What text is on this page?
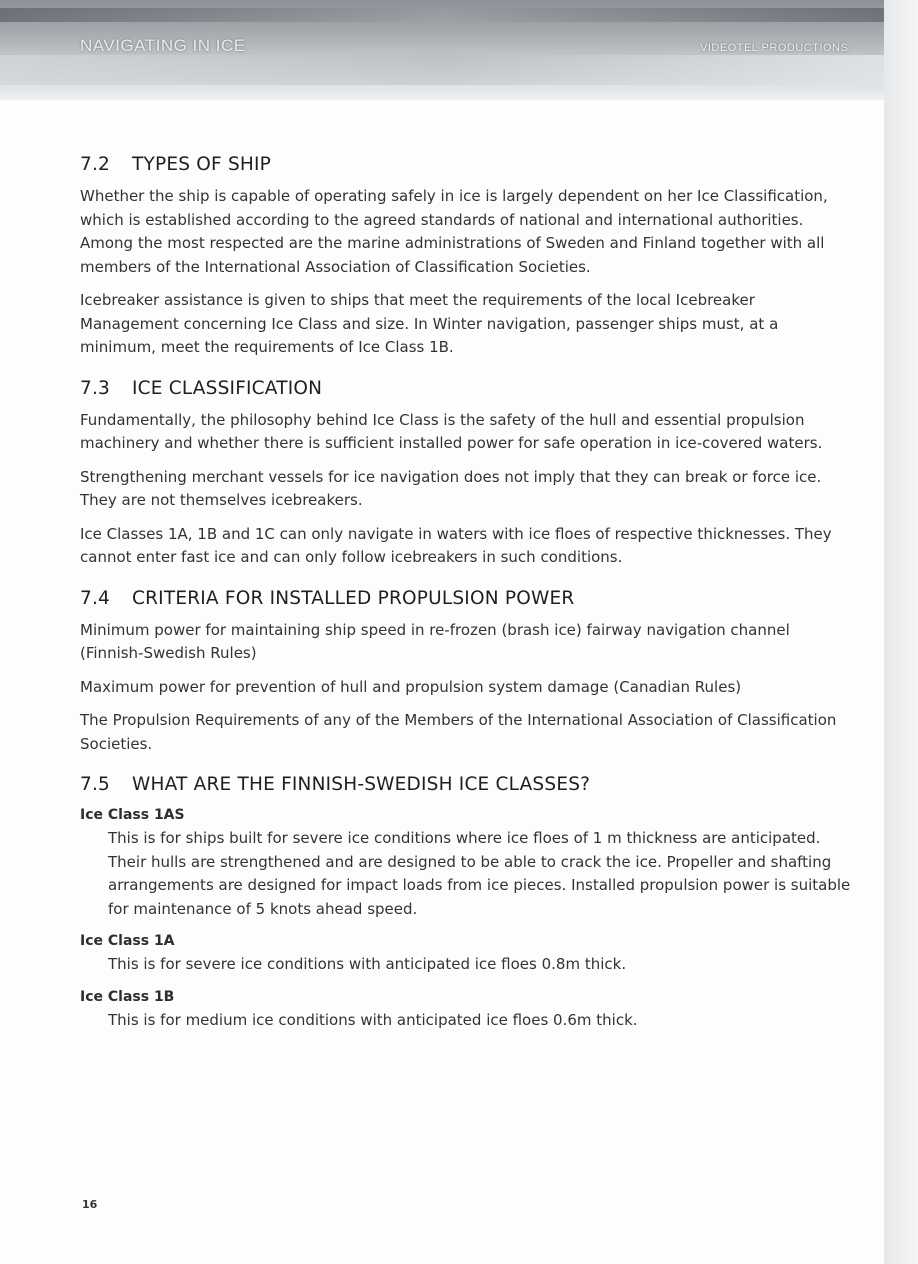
NAVIGATING IN ICE	VIDEOTEL PRODUCTIONS
7.2 TYPES OF SHIP

Whether the ship is capable of operating safely in ice is largely dependent on her Ice Classification, which is established according to the agreed standards of national and international authorities. Among the most respected are the marine administrations of Sweden and Finland together with all members of the International Association of Classification Societies.

Icebreaker assistance is given to ships that meet the requirements of the local Icebreaker Management concerning Ice Class and size. In Winter navigation, passenger ships must, at a minimum, meet the requirements of Ice Class 1B.

7.3 ICE CLASSIFICATION

Fundamentally, the philosophy behind Ice Class is the safety of the hull and essential propulsion machinery and whether there is sufficient installed power for safe operation in ice-covered waters.

Strengthening merchant vessels for ice navigation does not imply that they can break or force ice. They are not themselves icebreakers.

Ice Classes 1A, 1B and 1C can only navigate in waters with ice floes of respective thicknesses. They cannot enter fast ice and can only follow icebreakers in such conditions.

7.4 CRITERIA FOR INSTALLED PROPULSION POWER

Minimum power for maintaining ship speed in re-frozen (brash ice) fairway navigation channel (Finnish-Swedish Rules)

Maximum power for prevention of hull and propulsion system damage (Canadian Rules)

The Propulsion Requirements of any of the Members of the International Association of Classification Societies.

7.5 WHAT ARE THE FINNISH-SWEDISH ICE CLASSES?
Ice Class 1AS
This is for ships built for severe ice conditions where ice floes of 1 m thickness are anticipated. Their hulls are strengthened and are designed to be able to crack the ice. Propeller and shafting arrangements are designed for impact loads from ice pieces. Installed propulsion power is suitable for maintenance of 5 knots ahead speed.
Ice Class 1A
This is for severe ice conditions with anticipated ice floes 0.8m thick.
Ice Class 1B
This is for medium ice conditions with anticipated ice floes 0.6m thick.
16
